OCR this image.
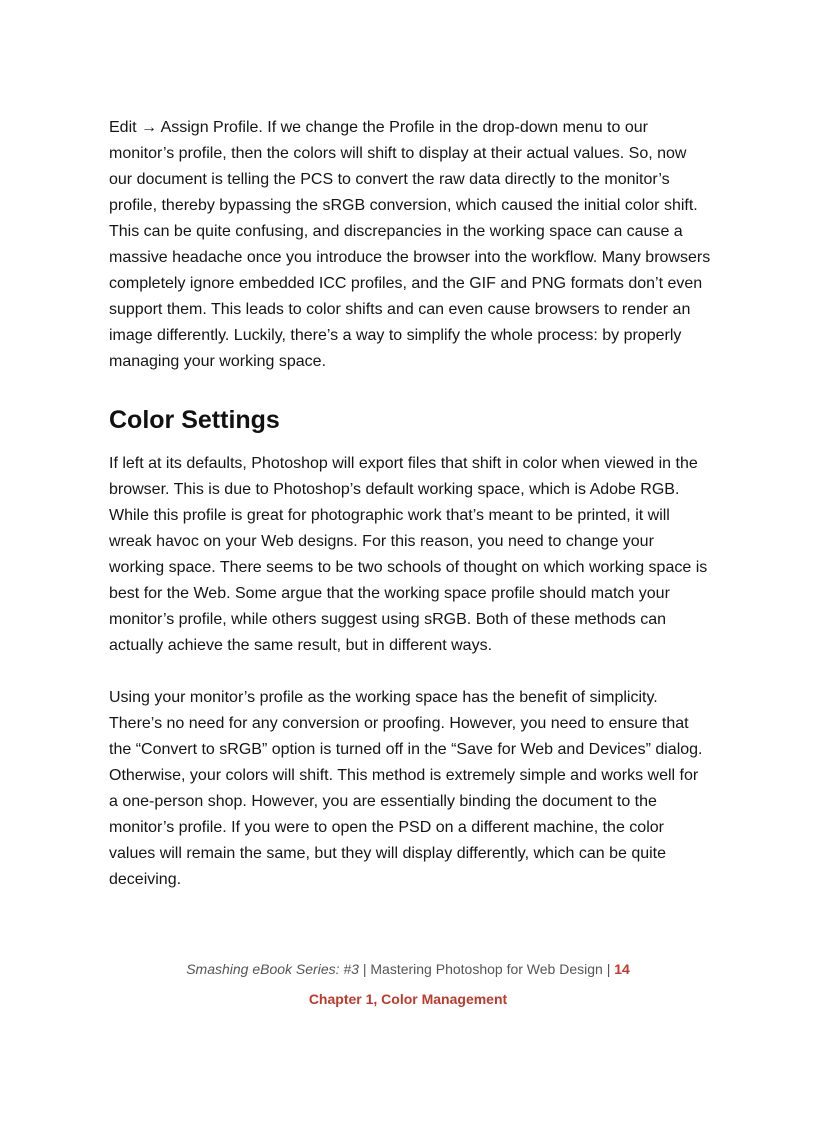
Edit → Assign Profile. If we change the Profile in the drop-down menu to our monitor’s profile, then the colors will shift to display at their actual values. So, now our document is telling the PCS to convert the raw data directly to the monitor’s profile, thereby bypassing the sRGB conversion, which caused the initial color shift. This can be quite confusing, and discrepancies in the working space can cause a massive headache once you introduce the browser into the workflow. Many browsers completely ignore embedded ICC profiles, and the GIF and PNG formats don’t even support them. This leads to color shifts and can even cause browsers to render an image differently. Luckily, there’s a way to simplify the whole process: by properly managing your working space.

Color Settings

If left at its defaults, Photoshop will export files that shift in color when viewed in the browser. This is due to Photoshop’s default working space, which is Adobe RGB. While this profile is great for photographic work that’s meant to be printed, it will wreak havoc on your Web designs. For this reason, you need to change your working space. There seems to be two schools of thought on which working space is best for the Web. Some argue that the working space profile should match your monitor’s profile, while others suggest using sRGB. Both of these methods can actually achieve the same result, but in different ways.

Using your monitor’s profile as the working space has the benefit of simplicity. There’s no need for any conversion or proofing. However, you need to ensure that the “Convert to sRGB” option is turned off in the “Save for Web and Devices” dialog. Otherwise, your colors will shift. This method is extremely simple and works well for a one-person shop. However, you are essentially binding the document to the monitor’s profile. If you were to open the PSD on a different machine, the color values will remain the same, but they will display differently, which can be quite deceiving.

Smashing eBook Series: #3 | Mastering Photoshop for Web Design | 14
Chapter 1, Color Management
